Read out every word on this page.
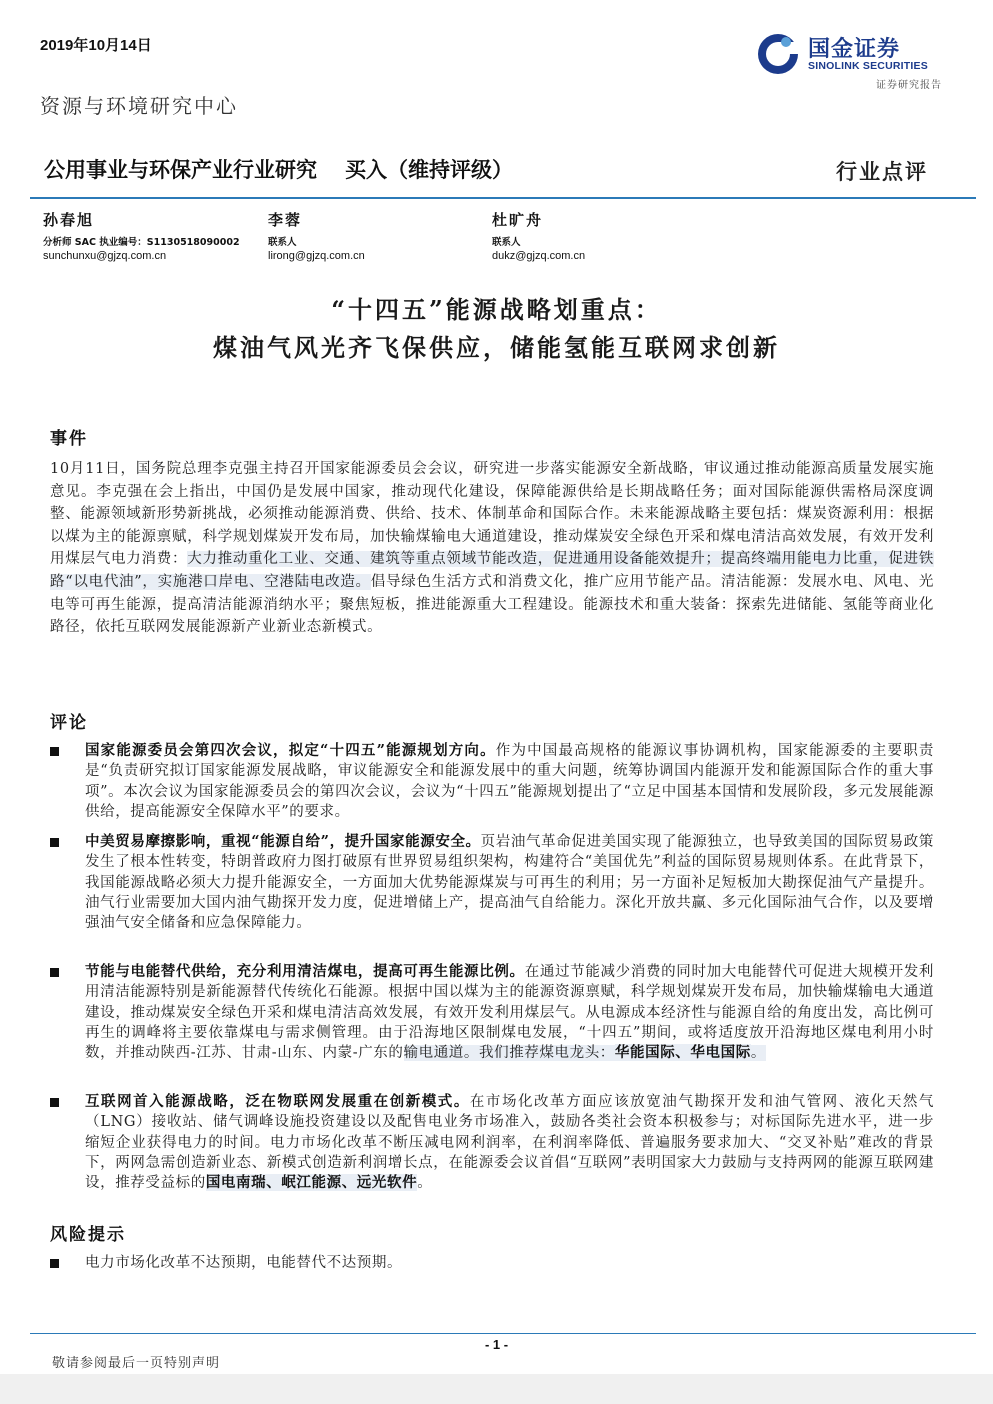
2019年10月14日	国金证券
SINOLINK SECURITIES
证券研究报告
资源与环境研究中心
公用事业与环保产业行业研究 买入（维持评级）	行业点评
孙春旭
分析师 SAC 执业编号：S1130518090002
sunchunxu@gjzq.com.cn
李蓉
联系人
lirong@gjzq.com.cn
杜旷舟
联系人
dukz@gjzq.com.cn
“十四五”能源战略划重点：
煤油气风光齐飞保供应，储能氢能互联网求创新
事件
10月11日，国务院总理李克强主持召开国家能源委员会会议，研究进一步落实能源安全新战略，审议通过推动能源高质量发展实施意见。李克强在会上指出，中国仍是发展中国家，推动现代化建设，保障能源供给是长期战略任务；面对国际能源供需格局深度调整、能源领域新形势新挑战，必须推动能源消费、供给、技术、体制革命和国际合作。未来能源战略主要包括：煤炭资源利用：根据以煤为主的能源禀赋，科学规划煤炭开发布局，加快输煤输电大通道建设，推动煤炭安全绿色开采和煤电清洁高效发展，有效开发利用煤层气电力消费：大力推动重化工业、交通、建筑等重点领域节能改造，促进通用设备能效提升；提高终端用能电力比重，促进铁路“以电代油”，实施港口岸电、空港陆电改造。倡导绿色生活方式和消费文化，推广应用节能产品。清洁能源：发展水电、风电、光电等可再生能源，提高清洁能源消纳水平；聚焦短板，推进能源重大工程建设。能源技术和重大装备：探索先进储能、氢能等商业化路径，依托互联网发展能源新产业新业态新模式。
评论
国家能源委员会第四次会议，拟定“十四五”能源规划方向。作为中国最高规格的能源议事协调机构，国家能源委的主要职责是“负责研究拟订国家能源发展战略，审议能源安全和能源发展中的重大问题，统筹协调国内能源开发和能源国际合作的重大事项”。本次会议为国家能源委员会的第四次会议，会议为“十四五”能源规划提出了“立足中国基本国情和发展阶段，多元发展能源供给，提高能源安全保障水平”的要求。
中美贸易摩擦影响，重视“能源自给”，提升国家能源安全。页岩油气革命促进美国实现了能源独立，也导致美国的国际贸易政策发生了根本性转变，特朗普政府力图打破原有世界贸易组织架构，构建符合“美国优先”利益的国际贸易规则体系。在此背景下，我国能源战略必须大力提升能源安全，一方面加大优势能源煤炭与可再生的利用；另一方面补足短板加大勘探促油气产量提升。油气行业需要加大国内油气勘探开发力度，促进增储上产，提高油气自给能力。深化开放共赢、多元化国际油气合作，以及要增强油气安全储备和应急保障能力。
节能与电能替代供给，充分利用清洁煤电，提高可再生能源比例。在通过节能减少消费的同时加大电能替代可促进大规模开发利用清洁能源特别是新能源替代传统化石能源。根据中国以煤为主的能源资源禀赋，科学规划煤炭开发布局，加快输煤输电大通道建设，推动煤炭安全绿色开采和煤电清洁高效发展，有效开发利用煤层气。从电源成本经济性与能源自给的角度出发，高比例可再生的调峰将主要依靠煤电与需求侧管理。由于沿海地区限制煤电发展，“十四五”期间，或将适度放开沿海地区煤电利用小时数，并推动陕西-江苏、甘肃-山东、内蒙-广东的输电通道。我们推荐煤电龙头：华能国际、华电国际。
互联网首入能源战略，泛在物联网发展重在创新模式。在市场化改革方面应该放宽油气勘探开发和油气管网、液化天然气（LNG）接收站、储气调峰设施投资建设以及配售电业务市场准入，鼓励各类社会资本积极参与；对标国际先进水平，进一步缩短企业获得电力的时间。电力市场化改革不断压减电网利润率，在利润率降低、普遍服务要求加大、“交叉补贴”难改的背景下，两网急需创造新业态、新模式创造新利润增长点，在能源委会议首倡“互联网”表明国家大力鼓励与支持两网的能源互联网建设，推荐受益标的国电南瑞、岷江能源、远光软件。
风险提示
电力市场化改革不达预期，电能替代不达预期。
- 1 -
敬请参阅最后一页特别声明
